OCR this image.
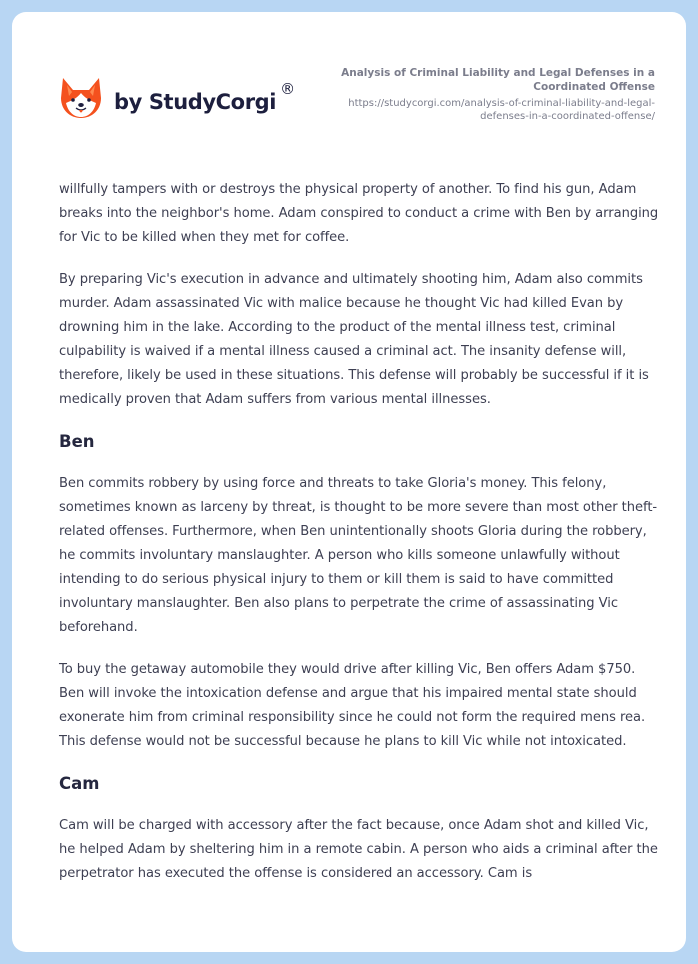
by StudyCorgi
®
Analysis of Criminal Liability and Legal Defenses in a Coordinated Offense
https://studycorgi.com/analysis-of-criminal-liability-and-legal-defenses-in-a-coordinated-offense/

willfully tampers with or destroys the physical property of another. To find his gun, Adam breaks into the neighbor's home. Adam conspired to conduct a crime with Ben by arranging for Vic to be killed when they met for coffee.

By preparing Vic's execution in advance and ultimately shooting him, Adam also commits murder. Adam assassinated Vic with malice because he thought Vic had killed Evan by drowning him in the lake. According to the product of the mental illness test, criminal culpability is waived if a mental illness caused a criminal act. The insanity defense will, therefore, likely be used in these situations. This defense will probably be successful if it is medically proven that Adam suffers from various mental illnesses.

Ben

Ben commits robbery by using force and threats to take Gloria's money. This felony, sometimes known as larceny by threat, is thought to be more severe than most other theft-related offenses. Furthermore, when Ben unintentionally shoots Gloria during the robbery, he commits involuntary manslaughter. A person who kills someone unlawfully without intending to do serious physical injury to them or kill them is said to have committed involuntary manslaughter. Ben also plans to perpetrate the crime of assassinating Vic beforehand.

To buy the getaway automobile they would drive after killing Vic, Ben offers Adam $750. Ben will invoke the intoxication defense and argue that his impaired mental state should exonerate him from criminal responsibility since he could not form the required mens rea. This defense would not be successful because he plans to kill Vic while not intoxicated.

Cam

Cam will be charged with accessory after the fact because, once Adam shot and killed Vic, he helped Adam by sheltering him in a remote cabin. A person who aids a criminal after the perpetrator has executed the offense is considered an accessory. Cam is
